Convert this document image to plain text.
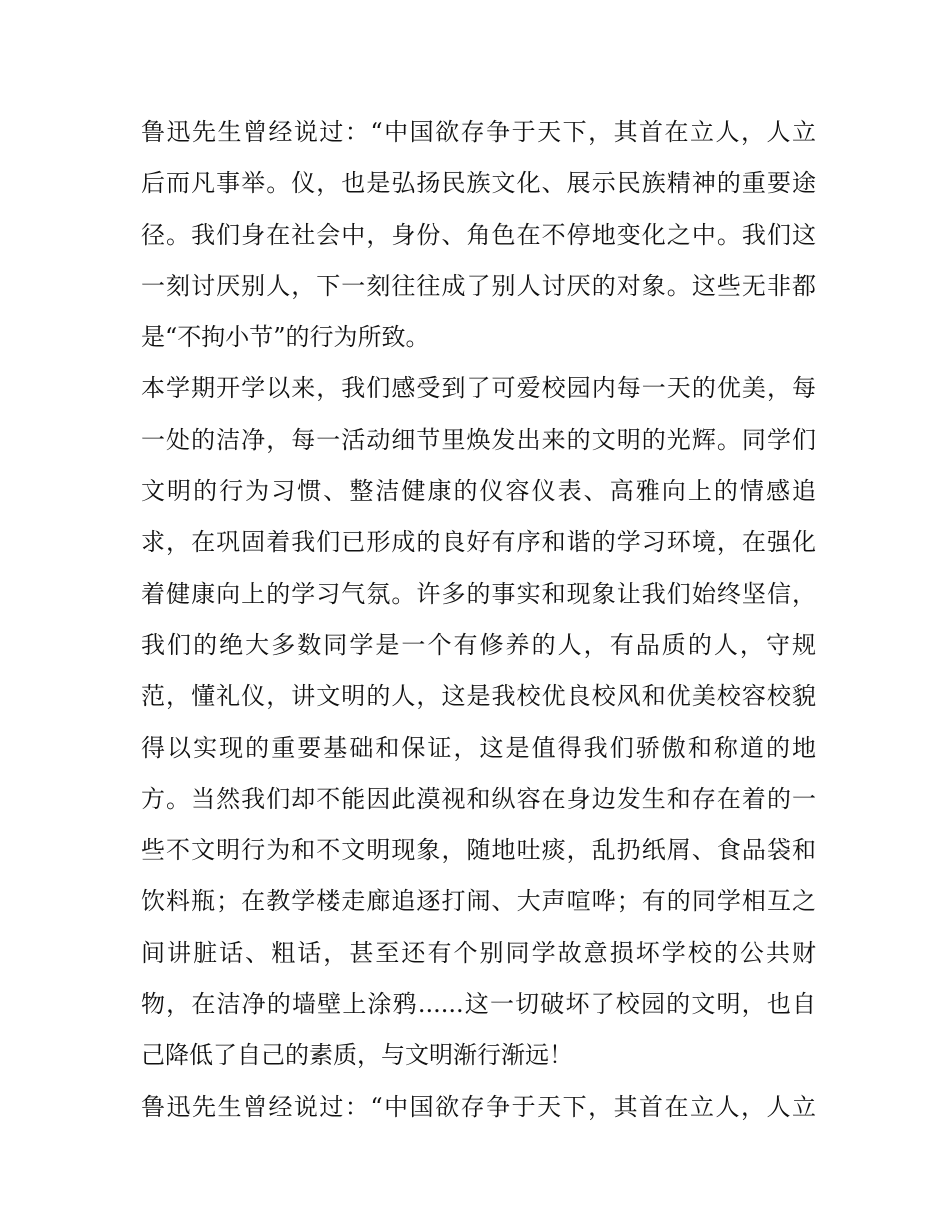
鲁迅先生曾经说过：“中国欲存争于天下，其首在立人，人立
后而凡事举。仪，也是弘扬民族文化、展示民族精神的重要途
径。我们身在社会中，身份、角色在不停地变化之中。我们这
一刻讨厌别人，下一刻往往成了别人讨厌的对象。这些无非都
是“不拘小节”的行为所致。
本学期开学以来，我们感受到了可爱校园内每一天的优美，每
一处的洁净，每一活动细节里焕发出来的文明的光辉。同学们
文明的行为习惯、整洁健康的仪容仪表、高雅向上的情感追
求，在巩固着我们已形成的良好有序和谐的学习环境，在强化
着健康向上的学习气氛。许多的事实和现象让我们始终坚信，
我们的绝大多数同学是一个有修养的人，有品质的人，守规
范，懂礼仪，讲文明的人，这是我校优良校风和优美校容校貌
得以实现的重要基础和保证，这是值得我们骄傲和称道的地
方。当然我们却不能因此漠视和纵容在身边发生和存在着的一
些不文明行为和不文明现象，随地吐痰，乱扔纸屑、食品袋和
饮料瓶；在教学楼走廊追逐打闹、大声喧哗；有的同学相互之
间讲脏话、粗话，甚至还有个别同学故意损坏学校的公共财
物，在洁净的墙壁上涂鸦......这一切破坏了校园的文明，也自
己降低了自己的素质，与文明渐行渐远！
鲁迅先生曾经说过：“中国欲存争于天下，其首在立人，人立
